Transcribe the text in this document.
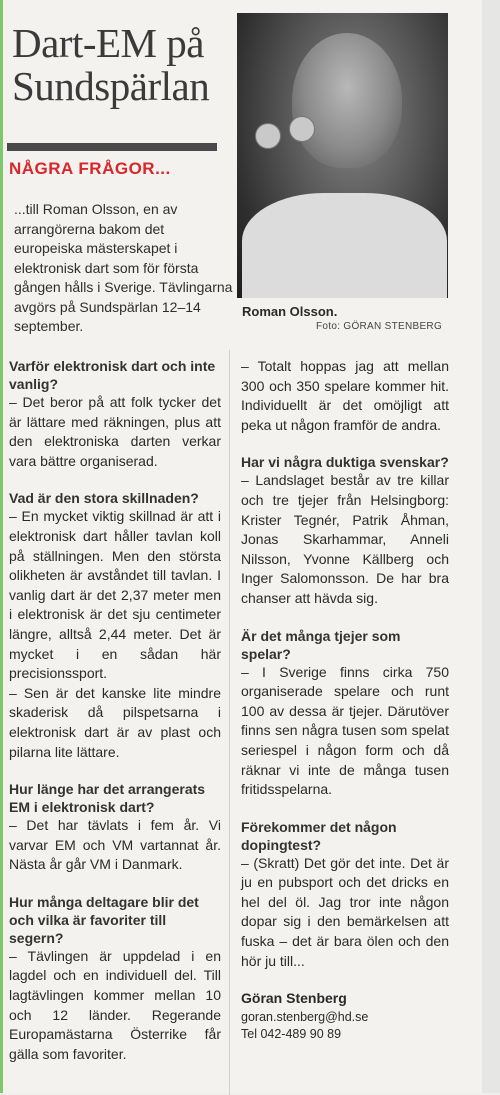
Dart-EM på Sundspärlan
NÅGRA FRÅGOR...
...till Roman Olsson, en av arrangörerna bakom det europeiska mästerskapet i elektronisk dart som för första gången hålls i Sverige. Tävlingarna avgörs på Sundspärlan 12–14 september.
Roman Olsson.
Foto: GÖRAN STENBERG

Varför elektronisk dart och inte vanlig?

– Det beror på att folk tycker det är lättare med räkningen, plus att den elektroniska darten verkar vara bättre organiserad.

Vad är den stora skillnaden?

– En mycket viktig skillnad är att i elektronisk dart håller tavlan koll på ställningen. Men den största olikheten är avståndet till tavlan. I vanlig dart är det 2,37 meter men i elektronisk är det sju centimeter längre, alltså 2,44 meter. Det är mycket i en sådan här precisionssport.

– Sen är det kanske lite mindre skaderisk då pilspetsarna i elektronisk dart är av plast och pilarna lite lättare.

Hur länge har det arrangerats EM i elektronisk dart?

– Det har tävlats i fem år. Vi varvar EM och VM vartannat år. Nästa år går VM i Danmark.

Hur många deltagare blir det och vilka är favoriter till segern?

– Tävlingen är uppdelad i en lagdel och en individuell del. Till lagtävlingen kommer mellan 10 och 12 länder. Regerande Europamästarna Österrike får gälla som favoriter.

– Totalt hoppas jag att mellan 300 och 350 spelare kommer hit. Individuellt är det omöjligt att peka ut någon framför de andra.

Har vi några duktiga svenskar?

– Landslaget består av tre killar och tre tjejer från Helsingborg: Krister Tegnér, Patrik Åhman, Jonas Skarhammar, Anneli Nilsson, Yvonne Källberg och Inger Salomonsson. De har bra chanser att hävda sig.

Är det många tjejer som spelar?

– I Sverige finns cirka 750 organiserade spelare och runt 100 av dessa är tjejer. Därutöver finns sen några tusen som spelat seriespel i någon form och då räknar vi inte de många tusen fritidsspelarna.

Förekommer det någon dopingtest?

– (Skratt) Det gör det inte. Det är ju en pubsport och det dricks en hel del öl. Jag tror inte någon dopar sig i den bemärkelsen att fuska – det är bara ölen och den hör ju till...

Göran Stenberg

goran.stenberg@hd.se

Tel 042-489 90 89
